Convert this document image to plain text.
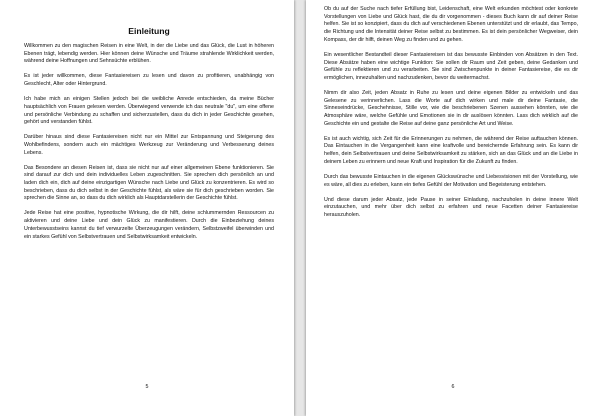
Einleitung

Willkommen zu den magischen Reisen in eine Welt, in der die Liebe und das Glück, die Lust in höheren Ebenen trägt, lebendig werden. Hier können deine Wünsche und Träume strahlende Wirklichkeit werden, während deine Hoffnungen und Sehnsüchte erblühen.

Es ist jeder willkommen, diese Fantasiereisen zu lesen und davon zu profitieren, unabhängig von Geschlecht, Alter oder Hintergrund.

Ich habe mich an einigen Stellen jedoch bei die weibliche Anrede entschieden, da meine Bücher hauptsächlich von Frauen gelesen werden. Überwiegend verwende ich das neutrale "du", um eine offene und persönliche Verbindung zu schaffen und sicherzustellen, dass du dich in jeder Geschichte gesehen, gehört und verstanden fühlst.

Darüber hinaus sind diese Fantasiereisen nicht nur ein Mittel zur Entspannung und Steigerung des Wohlbefindens, sondern auch ein mächtiges Werkzeug zur Veränderung und Verbesserung deines Lebens.

Das Besondere an diesen Reisen ist, dass sie nicht nur auf einer allgemeinen Ebene funktionieren. Sie sind darauf zur dich und dein individuelles Leben zugeschnitten. Sie sprechen dich persönlich an und laden dich ein, dich auf deine einzigartigen Wünsche nach Liebe und Glück zu konzentrieren. Es wird so beschrieben, dass du dich selbst in der Geschichte fühlst, als wäre sie für dich geschrieben worden. Sie sprechen die Sinne an, so dass du dich wirklich als Hauptdarstellerin der Geschichte fühlst.

Jede Reise hat eine positive, hypnotische Wirkung, die dir hilft, deine schlummernden Ressourcen zu aktivieren und deine Liebe und dein Glück zu manifestieren. Durch die Einbeziehung deines Unterbewusstseins kannst du tief verwurzelte Überzeugungen verändern, Selbstzweifel überwinden und ein starkes Gefühl von Selbstvertrauen und Selbstwirksamkeit entwickeln.

5

Ob du auf der Suche nach tiefer Erfüllung bist, Leidenschaft, eine Welt erkunden möchtest oder konkrete Vorstellungen von Liebe und Glück hast, die du dir vorgenommen - dieses Buch kann dir auf deiner Reise helfen. Sie ist so konzipiert, dass du dich auf verschiedenen Ebenen unterstützt und dir erlaubt, das Tempo, die Richtung und die Intensität deiner Reise selbst zu bestimmen. Es ist dein persönlicher Wegweiser, dein Kompass, der dir hilft, deinen Weg zu finden und zu gehen.

Ein wesentlicher Bestandteil dieser Fantasiereisen ist das bewusste Einbinden von Absätzen in den Text. Diese Absätze haben eine wichtige Funktion: Sie sollen dir Raum und Zeit geben, deine Gedanken und Gefühle zu reflektieren und zu verarbeiten. Sie sind Zwischenpunkte in deiner Fantasiereise, die es dir ermöglichen, innezuhalten und nachzudenken, bevor du weitermachst.

Nimm dir also Zeit, jeden Absatz in Ruhe zu lesen und deine eigenen Bilder zu entwickeln und das Gelesene zu verinnerlichen. Lass die Worte auf dich wirken und male dir deine Fantasie, die Sinneseindrücke, Geschehnisse, Stille vor, wie die beschriebenen Szenen aussehen könnten, wie die Atmosphäre wäre, welche Gefühle und Emotionen sie in dir auslösen könnten. Lass dich wirklich auf die Geschichte ein und gestalte die Reise auf deine ganz persönliche Art und Weise.

Es ist auch wichtig, sich Zeit für die Erinnerungen zu nehmen, die während der Reise auftauchen können. Das Eintauchen in die Vergangenheit kann eine kraftvolle und bereichernde Erfahrung sein. Es kann dir helfen, dein Selbstvertrauen und deine Selbstwirksamkeit zu stärken, sich an das Glück und an die Liebe in deinem Leben zu erinnern und neue Kraft und Inspiration für die Zukunft zu finden.

Durch das bewusste Eintauchen in die eigenen Glückswünsche und Liebesvisionen mit der Vorstellung, wie es wäre, all dies zu erleben, kann ein tiefes Gefühl der Motivation und Begeisterung entstehen.

Und diese darum jeder Absatz, jede Pause in seiner Einladung, nachzuholen in deine innere Welt einzutauchen, und mehr über dich selbst zu erfahren und neue Facetten deiner Fantasiereise herauszuholen.

6
